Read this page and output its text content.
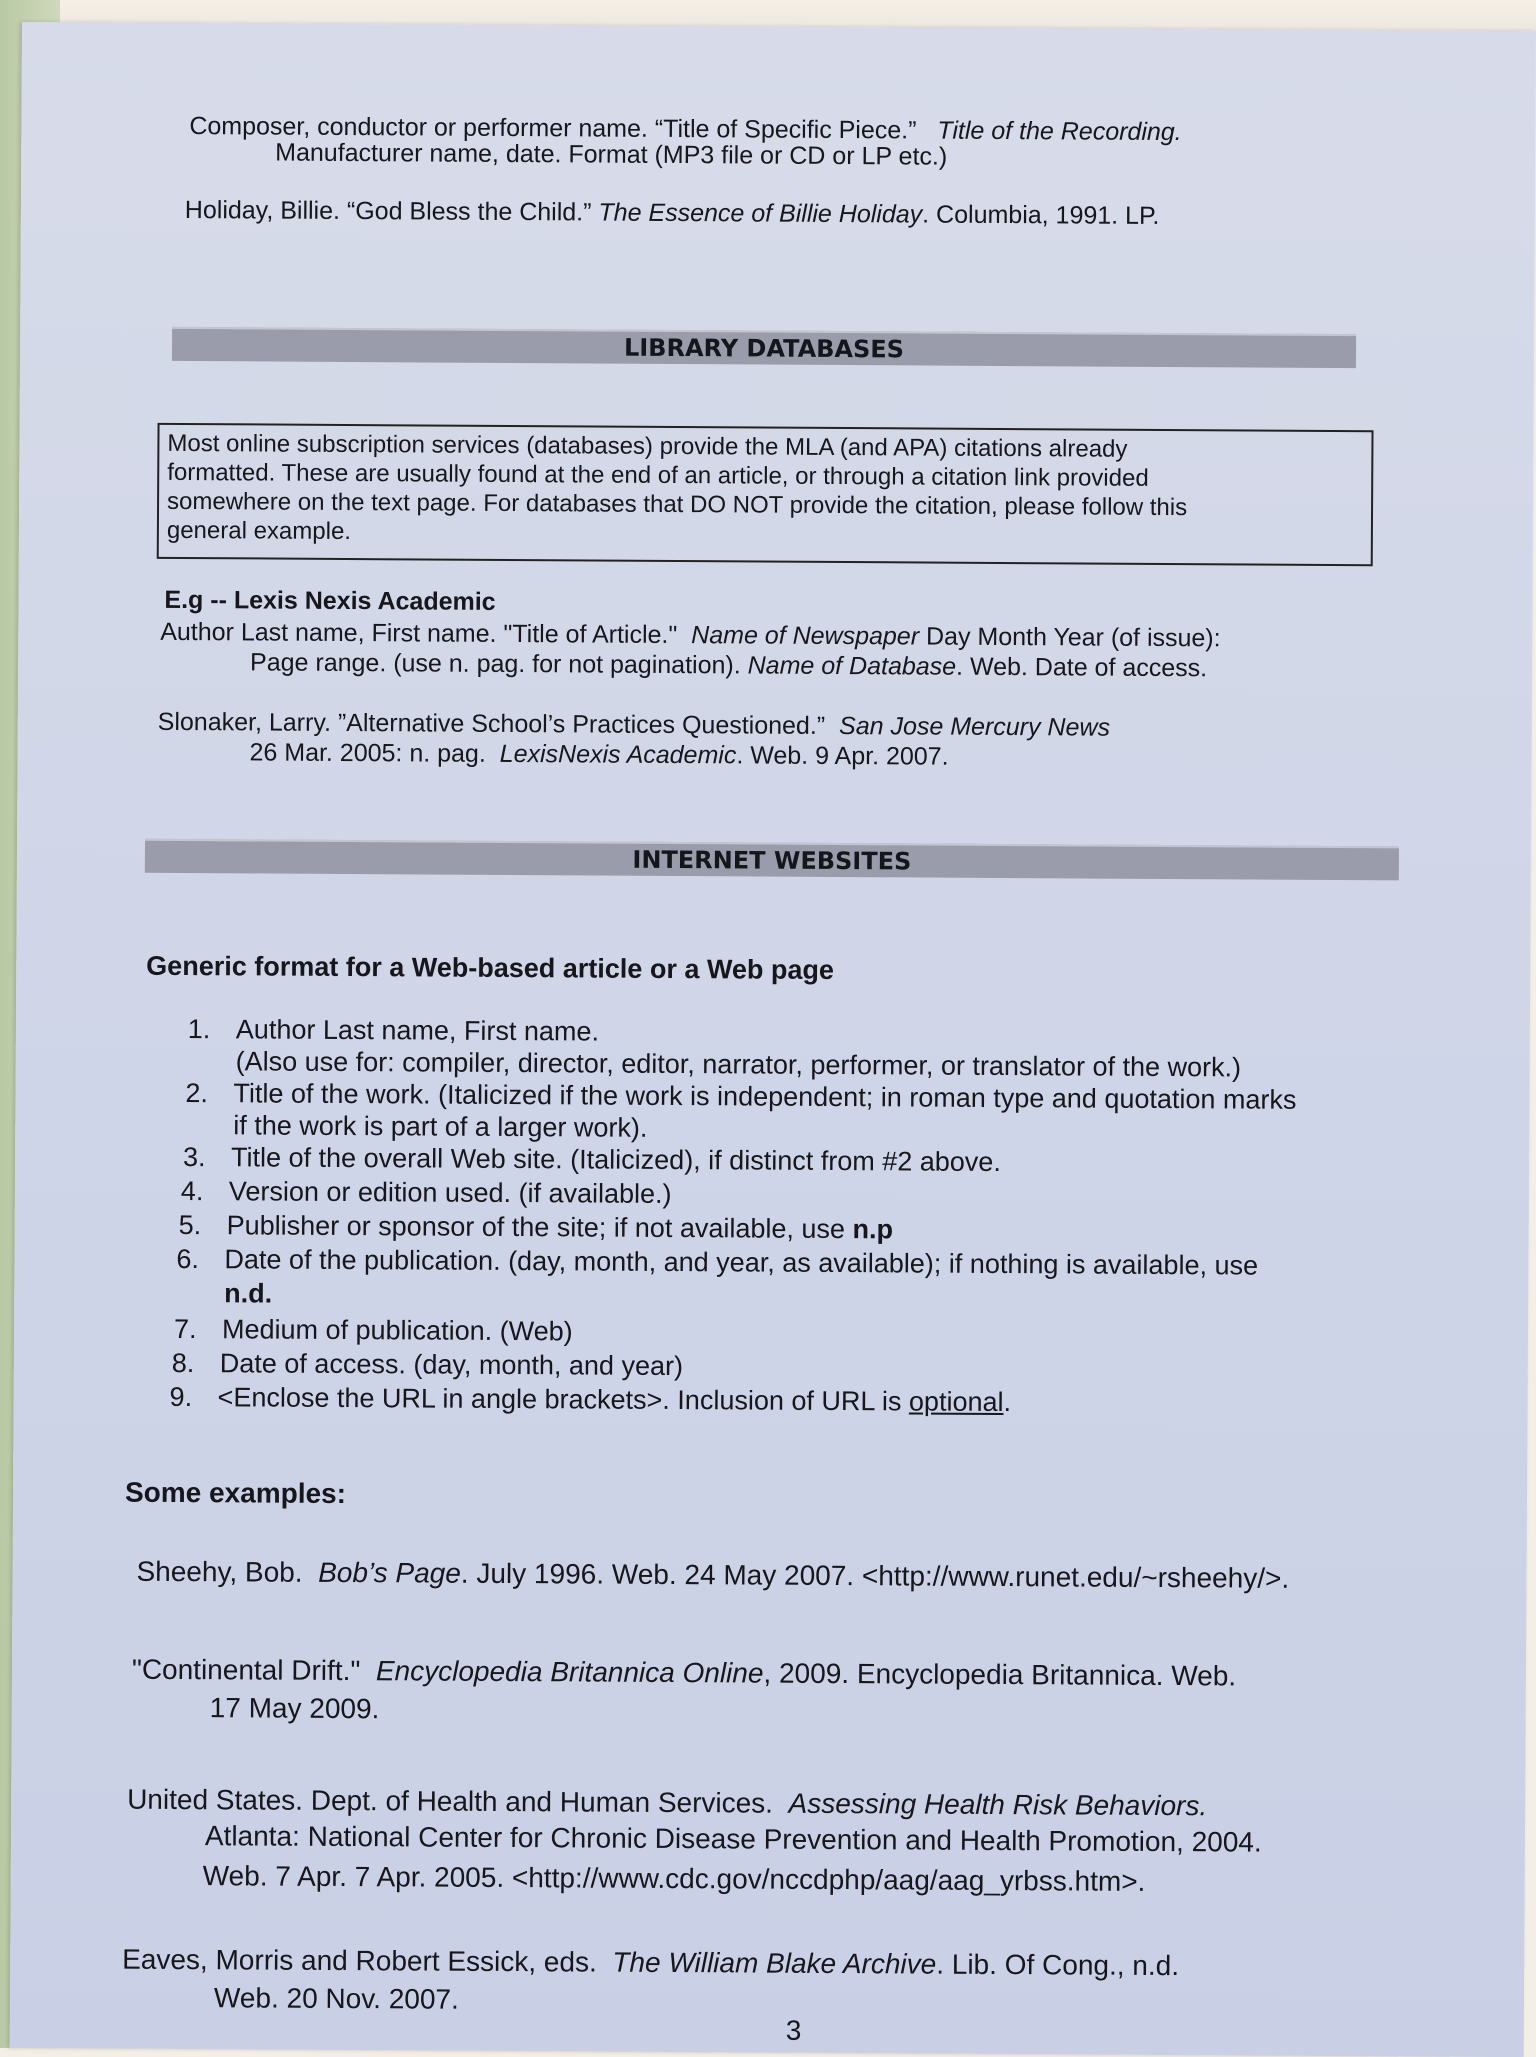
Composer, conductor or performer name. “Title of Specific Piece.” Title of the Recording.
Manufacturer name, date. Format (MP3 file or CD or LP etc.)
Holiday, Billie. “God Bless the Child.” The Essence of Billie Holiday. Columbia, 1991. LP.
LIBRARY DATABASES
Most online subscription services (databases) provide the MLA (and APA) citations already
formatted. These are usually found at the end of an article, or through a citation link provided
somewhere on the text page. For databases that DO NOT provide the citation, please follow this
general example.
E.g -- Lexis Nexis Academic
Author Last name, First name. "Title of Article." Name of Newspaper Day Month Year (of issue):
Page range. (use n. pag. for not pagination). Name of Database. Web. Date of access.
Slonaker, Larry. ”Alternative School’s Practices Questioned.” San Jose Mercury News
26 Mar. 2005: n. pag. LexisNexis Academic. Web. 9 Apr. 2007.
INTERNET WEBSITES
Generic format for a Web-based article or a Web page
1. Author Last name, First name.
(Also use for: compiler, director, editor, narrator, performer, or translator of the work.)
2. Title of the work. (Italicized if the work is independent; in roman type and quotation marks
if the work is part of a larger work).
3. Title of the overall Web site. (Italicized), if distinct from #2 above.
4. Version or edition used. (if available.)
5. Publisher or sponsor of the site; if not available, use n.p
6. Date of the publication. (day, month, and year, as available); if nothing is available, use
n.d.
7. Medium of publication. (Web)
8. Date of access. (day, month, and year)
9. <Enclose the URL in angle brackets>. Inclusion of URL is optional.
Some examples:
Sheehy, Bob. Bob’s Page. July 1996. Web. 24 May 2007. <http://www.runet.edu/~rsheehy/>.
"Continental Drift." Encyclopedia Britannica Online, 2009. Encyclopedia Britannica. Web.
17 May 2009.
United States. Dept. of Health and Human Services. Assessing Health Risk Behaviors.
Atlanta: National Center for Chronic Disease Prevention and Health Promotion, 2004.
Web. 7 Apr. 7 Apr. 2005. <http://www.cdc.gov/nccdphp/aag/aag_yrbss.htm>.
Eaves, Morris and Robert Essick, eds. The William Blake Archive. Lib. Of Cong., n.d.
Web. 20 Nov. 2007.
3
